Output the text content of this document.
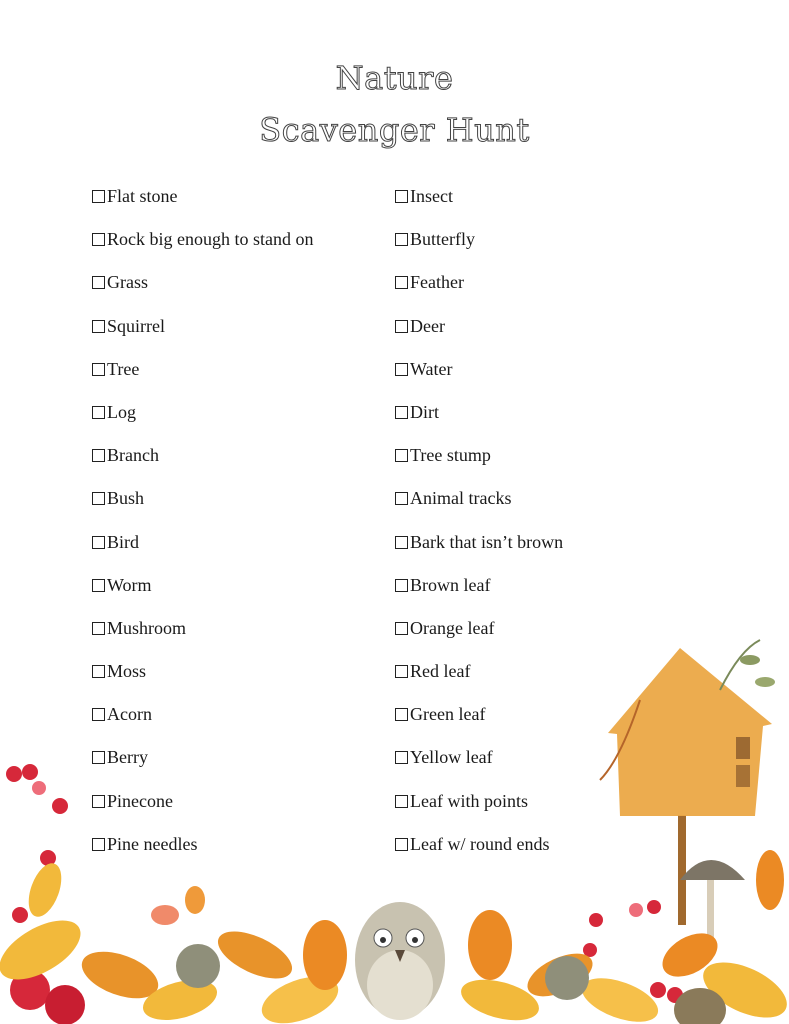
Nature
Scavenger Hunt
Flat stone
Rock big enough to stand on
Grass
Squirrel
Tree
Log
Branch
Bush
Bird
Worm
Mushroom
Moss
Acorn
Berry
Pinecone
Pine needles
Insect
Butterfly
Feather
Deer
Water
Dirt
Tree stump
Animal tracks
Bark that isn’t brown
Brown leaf
Orange leaf
Red leaf
Green leaf
Yellow leaf
Leaf with points
Leaf w/ round ends
